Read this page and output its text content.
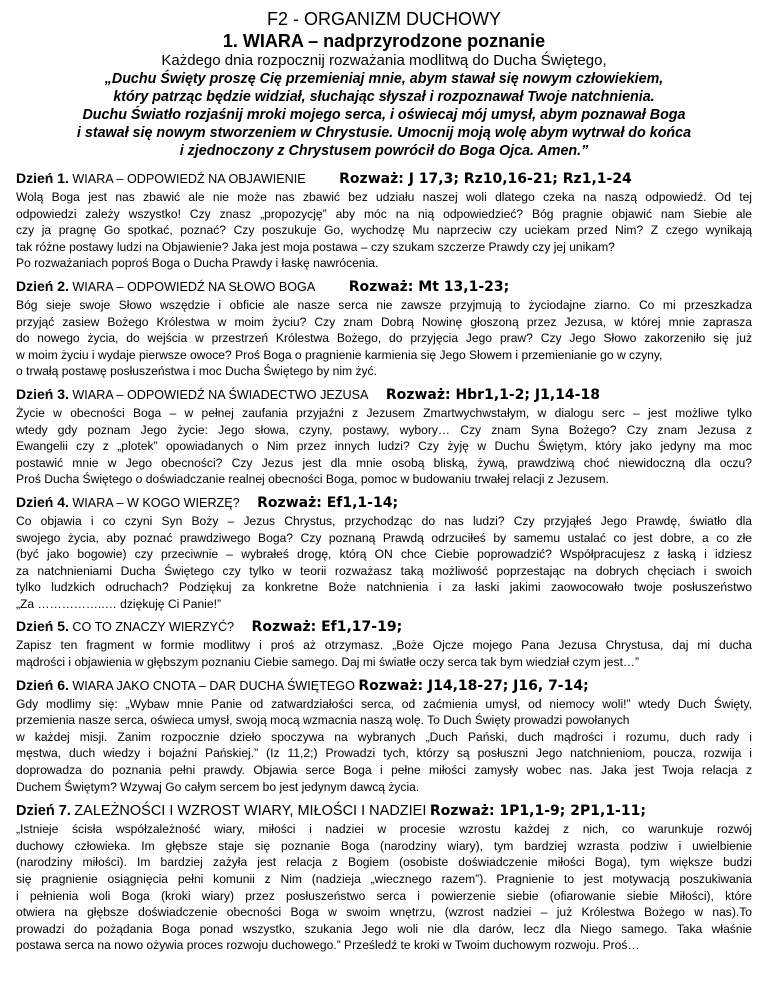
F2 - ORGANIZM DUCHOWY
1. WIARA – nadprzyrodzone poznanie
Każdego dnia rozpocznij rozważania modlitwą do Ducha Świętego,
„Duchu Święty proszę Cię przemieniaj mnie, abym stawał się nowym człowiekiem,
który patrząc będzie widział, słuchając słyszał i rozpoznawał Twoje natchnienia.
Duchu Światło rozjaśnij mroki mojego serca, i oświecaj mój umysł, abym poznawał Boga
i stawał się nowym stworzeniem w Chrystusie. Umocnij moją wolę abym wytrwał do końca
i zjednoczony z Chrystusem powrócił do Boga Ojca. Amen.”
Dzień 1. WIARA – ODPOWIEDŹ NA OBJAWIENIE Rozważ: J 17,3; Rz10,16-21; Rz1,1-24
Wolą Boga jest nas zbawić ale nie może nas zbawić bez udziału naszej woli dlatego czeka na naszą odpowiedź. Od tej
odpowiedzi zależy wszystko! Czy znasz „propozycję” aby móc na nią odpowiedzieć? Bóg pragnie objawić nam Siebie ale
czy ja pragnę Go spotkać, poznać? Czy poszukuje Go, wychodzę Mu naprzeciw czy uciekam przed Nim? Z czego wynikają
tak różne postawy ludzi na Objawienie? Jaka jest moja postawa – czy szukam szczerze Prawdy czy jej unikam?
Po rozważaniach poproś Boga o Ducha Prawdy i łaskę nawrócenia.
Dzień 2. WIARA – ODPOWIEDŹ NA SŁOWO BOGA Rozważ: Mt 13,1-23;
Bóg sieje swoje Słowo wszędzie i obficie ale nasze serca nie zawsze przyjmują to życiodajne ziarno. Co mi przeszkadza
przyjąć zasiew Bożego Królestwa w moim życiu? Czy znam Dobrą Nowinę głoszoną przez Jezusa, w której mnie zaprasza
do nowego życia, do wejścia w przestrzeń Królestwa Bożego, do przyjęcia Jego praw? Czy Jego Słowo zakorzeniło się już
w moim życiu i wydaje pierwsze owoce? Proś Boga o pragnienie karmienia się Jego Słowem i przemienianie go w czyny,
o trwałą postawę posłuszeństwa i moc Ducha Świętego by nim żyć.
Dzień 3. WIARA – ODPOWIEDŹ NA ŚWIADECTWO JEZUSA Rozważ: Hbr1,1-2; J1,14-18
Życie w obecności Boga – w pełnej zaufania przyjaźni z Jezusem Zmartwychwstałym, w dialogu serc – jest możliwe tylko
wtedy gdy poznam Jego życie: Jego słowa, czyny, postawy, wybory… Czy znam Syna Bożego? Czy znam Jezusa z
Ewangelii czy z „plotek” opowiadanych o Nim przez innych ludzi? Czy żyję w Duchu Świętym, który jako jedyny ma moc
postawić mnie w Jego obecności? Czy Jezus jest dla mnie osobą bliską, żywą, prawdziwą choć niewidoczną dla oczu?
Proś Ducha Świętego o doświadczanie realnej obecności Boga, pomoc w budowaniu trwałej relacji z Jezusem.
Dzień 4. WIARA – W KOGO WIERZĘ? Rozważ: Ef1,1-14;
Co objawia i co czyni Syn Boży – Jezus Chrystus, przychodząc do nas ludzi? Czy przyjąłeś Jego Prawdę, światło dla
swojego życia, aby poznać prawdziwego Boga? Czy poznaną Prawdą odrzuciłeś by samemu ustalać co jest dobre, a co złe
(być jako bogowie) czy przeciwnie – wybrałeś drogę, którą ON chce Ciebie poprowadzić? Współpracujesz z łaską i idziesz
za natchnieniami Ducha Świętego czy tylko w teorii rozważasz taką możliwość poprzestając na dobrych chęciach i swoich
tylko ludzkich odruchach? Podziękuj za konkretne Boże natchnienia i za łaski jakimi zaowocowało twoje posłuszeństwo
„Za ……………..… dziękuję Ci Panie!”
Dzień 5. CO TO ZNACZY WIERZYĆ? Rozważ: Ef1,17-19;
Zapisz ten fragment w formie modlitwy i proś aż otrzymasz. „Boże Ojcze mojego Pana Jezusa Chrystusa, daj mi ducha
mądrości i objawienia w głębszym poznaniu Ciebie samego. Daj mi światłe oczy serca tak bym wiedział czym jest…”
Dzień 6. WIARA JAKO CNOTA – DAR DUCHA ŚWIĘTEGO Rozważ: J14,18-27; J16, 7-14;
Gdy modlimy się: „Wybaw mnie Panie od zatwardziałości serca, od zaćmienia umysł, od niemocy woli!” wtedy Duch Święty,
przemienia nasze serca, oświeca umysł, swoją mocą wzmacnia naszą wolę. To Duch Święty prowadzi powołanych
w każdej misji. Zanim rozpocznie dzieło spoczywa na wybranych „Duch Pański, duch mądrości i rozumu, duch rady i
męstwa, duch wiedzy i bojaźni Pańskiej.” (Iz 11,2;) Prowadzi tych, którzy są posłuszni Jego natchnieniom, poucza, rozwija i
doprowadza do poznania pełni prawdy. Objawia serce Boga i pełne miłości zamysły wobec nas. Jaka jest Twoja relacja z
Duchem Świętym? Wzywaj Go całym sercem bo jest jedynym dawcą życia.
Dzień 7. ZALEŻNOŚCI I WZROST WIARY, MIŁOŚCI I NADZIEI Rozważ: 1P1,1-9; 2P1,1-11;
„Istnieje ścisła współzależność wiary, miłości i nadziei w procesie wzrostu każdej z nich, co warunkuje rozwój
duchowy człowieka. Im głębsze staje się poznanie Boga (narodziny wiary), tym bardziej wzrasta podziw i uwielbienie
(narodziny miłości). Im bardziej zażyła jest relacja z Bogiem (osobiste doświadczenie miłości Boga), tym większe budzi
się pragnienie osiągnięcia pełni komunii z Nim (nadzieja „wiecznego razem”). Pragnienie to jest motywacją poszukiwania
i pełnienia woli Boga (kroki wiary) przez posłuszeństwo serca i powierzenie siebie (ofiarowanie siebie Miłości), które
otwiera na głębsze doświadczenie obecności Boga w swoim wnętrzu, (wzrost nadziei – już Królestwa Bożego w nas).To
prowadzi do pożądania Boga ponad wszystko, szukania Jego woli nie dla darów, lecz dla Niego samego. Taka właśnie
postawa serca na nowo ożywia proces rozwoju duchowego.” Prześledź te kroki w Twoim duchowym rozwoju. Proś…
